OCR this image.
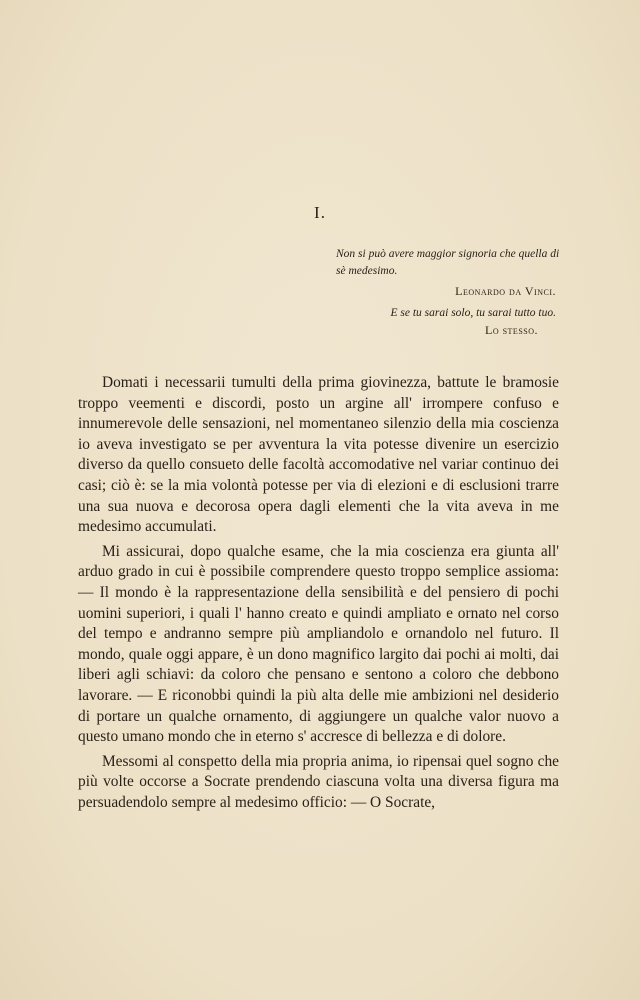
I.

Non si può avere maggior signoria che quella di sè medesimo.

Leonardo da Vinci.

E se tu sarai solo, tu sarai tutto tuo.

Lo stesso.

Domati i necessarii tumulti della prima giovinezza, battute le bramosie troppo veementi e discordi, posto un argine all' irrompere confuso e innumerevole delle sensazioni, nel momentaneo silenzio della mia coscienza io aveva investigato se per avventura la vita potesse divenire un esercizio diverso da quello consueto delle facoltà accomodative nel variar continuo dei casi; ciò è: se la mia volontà potesse per via di elezioni e di esclusioni trarre una sua nuova e decorosa opera dagli elementi che la vita aveva in me medesimo accumulati.

Mi assicurai, dopo qualche esame, che la mia coscienza era giunta all' arduo grado in cui è possibile comprendere questo troppo semplice assioma: — Il mondo è la rappresentazione della sensibilità e del pensiero di pochi uomini superiori, i quali l' hanno creato e quindi ampliato e ornato nel corso del tempo e andranno sempre più ampliandolo e ornandolo nel futuro. Il mondo, quale oggi appare, è un dono magnifico largito dai pochi ai molti, dai liberi agli schiavi: da coloro che pensano e sentono a coloro che debbono lavorare. — E riconobbi quindi la più alta delle mie ambizioni nel desiderio di portare un qualche ornamento, di aggiungere un qualche valor nuovo a questo umano mondo che in eterno s' accresce di bellezza e di dolore.

Messomi al conspetto della mia propria anima, io ripensai quel sogno che più volte occorse a Socrate prendendo ciascuna volta una diversa figura ma persuadendolo sempre al medesimo officio: — O Socrate,
